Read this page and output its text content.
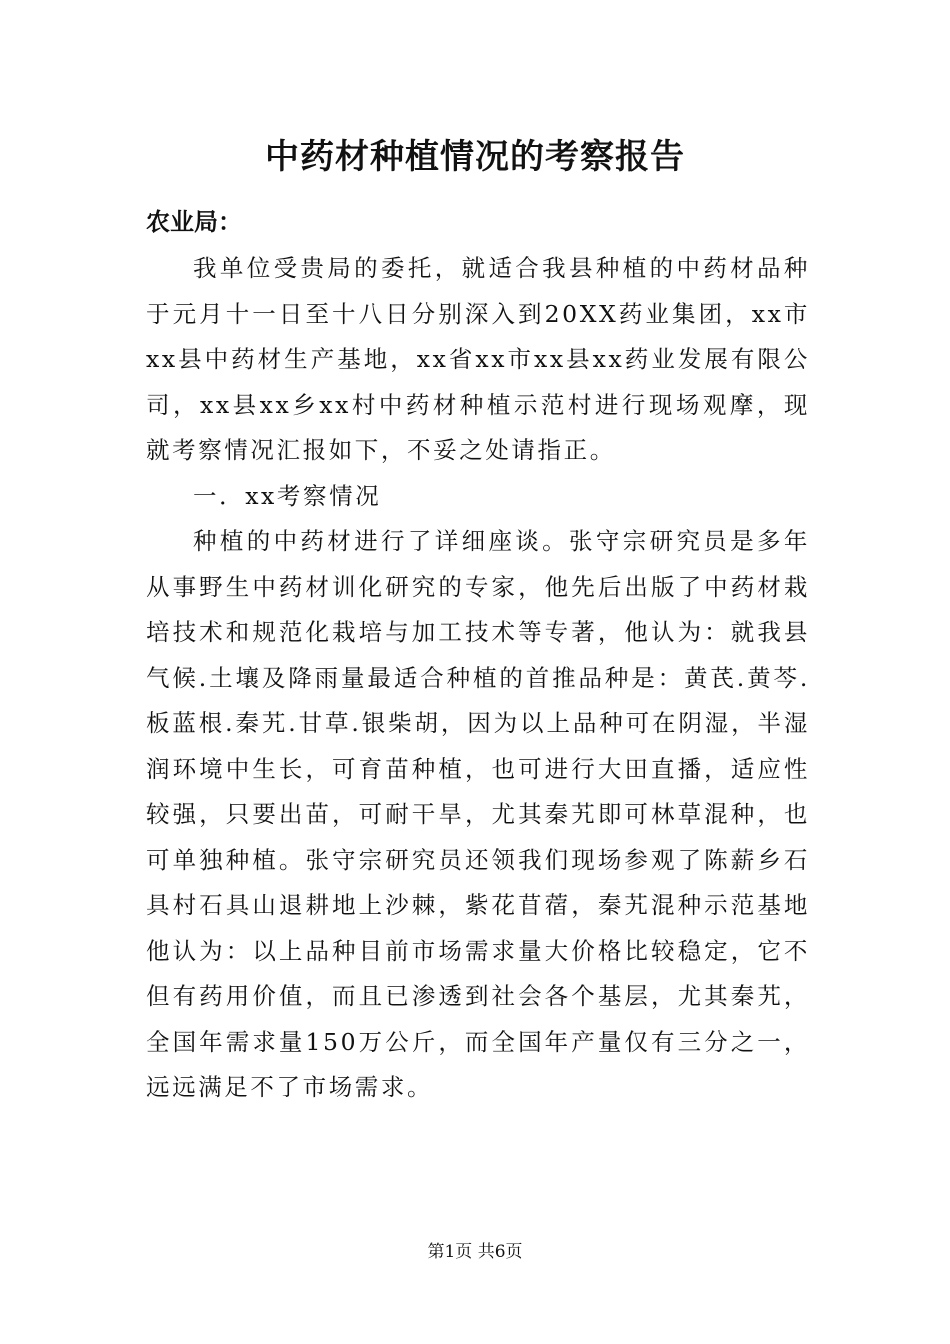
中药材种植情况的考察报告
农业局：

我单位受贵局的委托，就适合我县种植的中药材品种于元月十一日至十八日分别深入到20XX药业集团，xx市xx县中药材生产基地，xx省xx市xx县xx药业发展有限公司，xx县xx乡xx村中药材种植示范村进行现场观摩，现就考察情况汇报如下，不妥之处请指正。

一．xx考察情况

种植的中药材进行了详细座谈。张守宗研究员是多年从事野生中药材训化研究的专家，他先后出版了中药材栽培技术和规范化栽培与加工技术等专著，他认为：就我县气候.土壤及降雨量最适合种植的首推品种是：黄芪.黄芩.板蓝根.秦艽.甘草.银柴胡，因为以上品种可在阴湿，半湿润环境中生长，可育苗种植，也可进行大田直播，适应性较强，只要出苗，可耐干旱，尤其秦艽即可林草混种，也可单独种植。张守宗研究员还领我们现场参观了陈薪乡石具村石具山退耕地上沙棘，紫花苜蓿，秦艽混种示范基地他认为：以上品种目前市场需求量大价格比较稳定，它不但有药用价值，而且已渗透到社会各个基层，尤其秦艽，全国年需求量150万公斤，而全国年产量仅有三分之一，远远满足不了市场需求。

第1页 共6页
